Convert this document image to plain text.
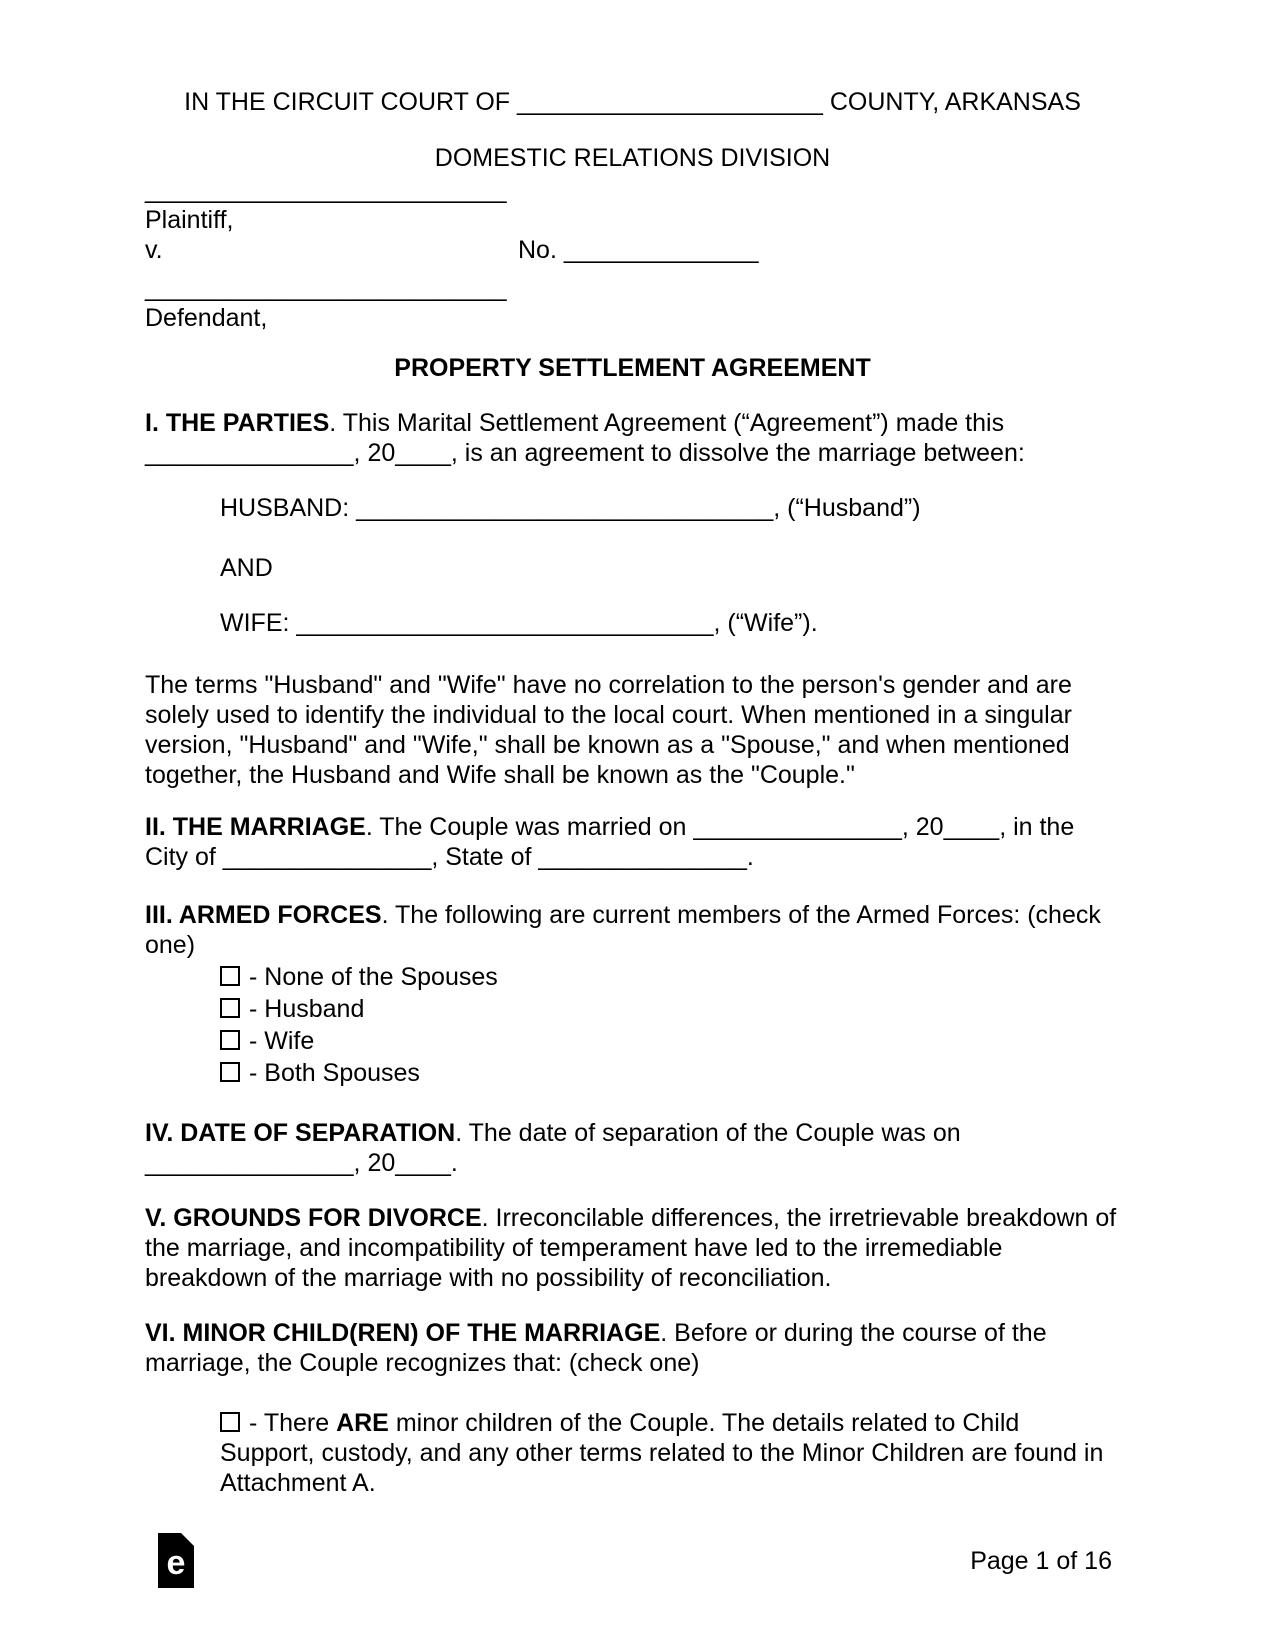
IN THE CIRCUIT COURT OF ______________________ COUNTY, ARKANSAS

DOMESTIC RELATIONS DIVISION

__________________________

Plaintiff,

v.	No. ______________

__________________________

Defendant,

PROPERTY SETTLEMENT AGREEMENT

I. THE PARTIES. This Marital Settlement Agreement (“Agreement”) made this _______________, 20____, is an agreement to dissolve the marriage between:

HUSBAND: ______________________________, (“Husband”)

AND

WIFE: ______________________________, (“Wife”).

The terms "Husband" and "Wife" have no correlation to the person's gender and are solely used to identify the individual to the local court. When mentioned in a singular version, "Husband" and "Wife," shall be known as a "Spouse," and when mentioned together, the Husband and Wife shall be known as the "Couple."

II. THE MARRIAGE. The Couple was married on _______________, 20____, in the City of _______________, State of _______________.

III. ARMED FORCES. The following are current members of the Armed Forces: (check one)

- None of the Spouses

- Husband

- Wife

- Both Spouses

IV. DATE OF SEPARATION. The date of separation of the Couple was on _______________, 20____.

V. GROUNDS FOR DIVORCE. Irreconcilable differences, the irretrievable breakdown of the marriage, and incompatibility of temperament have led to the irremediable breakdown of the marriage with no possibility of reconciliation.

VI. MINOR CHILD(REN) OF THE MARRIAGE. Before or during the course of the marriage, the Couple recognizes that: (check one)

- There ARE minor children of the Couple. The details related to Child Support, custody, and any other terms related to the Minor Children are found in Attachment A.

e	Page 1 of 16
